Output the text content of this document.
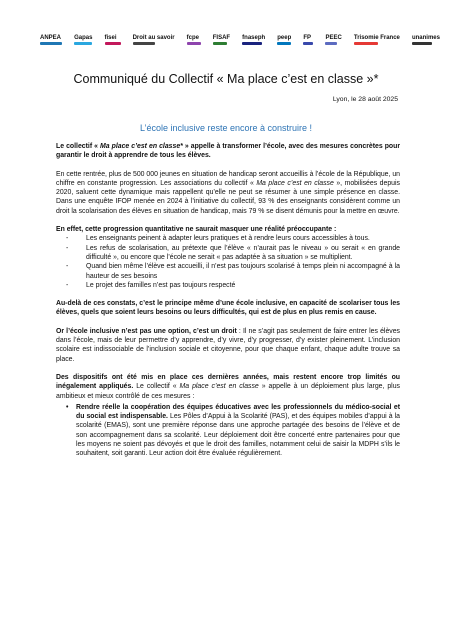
ANPEA Gapas fisei	Droit au savoir fcpe FISAF fnaseph peep FP	PEEC Trisomie France unanimes
Communiqué du Collectif « Ma place c’est en classe »*
Lyon, le 28 août 2025
L’école inclusive reste encore à construire !

Le collectif « Ma place c’est en classe* » appelle à transformer l’école, avec des mesures concrètes pour garantir le droit à apprendre de tous les élèves.

En cette rentrée, plus de 500 000 jeunes en situation de handicap seront accueillis à l’école de la République, un chiffre en constante progression. Les associations du collectif « Ma place c’est en classe », mobilisées depuis 2020, saluent cette dynamique mais rappellent qu’elle ne peut se résumer à une simple présence en classe. Dans une enquête IFOP menée en 2024 à l’initiative du collectif, 93 % des enseignants considèrent comme un droit la scolarisation des élèves en situation de handicap, mais 79 % se disent démunis pour la mettre en œuvre.

En effet, cette progression quantitative ne saurait masquer une réalité préoccupante :

- Les enseignants peinent à adapter leurs pratiques et à rendre leurs cours accessibles à tous.
- Les refus de scolarisation, au prétexte que l’élève « n’aurait pas le niveau » ou serait « en grande difficulté », ou encore que l’école ne serait « pas adaptée à sa situation » se multiplient.
- Quand bien même l’élève est accueilli, il n’est pas toujours scolarisé à temps plein ni accompagné à la hauteur de ses besoins
- Le projet des familles n’est pas toujours respecté

Au-delà de ces constats, c’est le principe même d’une école inclusive, en capacité de scolariser tous les élèves, quels que soient leurs besoins ou leurs difficultés, qui est de plus en plus remis en cause.

Or l’école inclusive n’est pas une option, c’est un droit : Il ne s’agit pas seulement de faire entrer les élèves dans l’école, mais de leur permettre d’y apprendre, d’y vivre, d’y progresser, d’y exister pleinement. L’inclusion scolaire est indissociable de l’inclusion sociale et citoyenne, pour que chaque enfant, chaque adulte trouve sa place.

Des dispositifs ont été mis en place ces dernières années, mais restent encore trop limités ou inégalement appliqués. Le collectif « Ma place c’est en classe » appelle à un déploiement plus large, plus ambitieux et mieux contrôlé de ces mesures :

• Rendre réelle la coopération des équipes éducatives avec les professionnels du médico-social et du social est indispensable. Les Pôles d’Appui à la Scolarité (PAS), et des équipes mobiles d’appui à la scolarité (EMAS), sont une première réponse dans une approche partagée des besoins de l’élève et de son accompagnement dans sa scolarité. Leur déploiement doit être concerté entre partenaires pour que les moyens ne soient pas dévoyés et que le droit des familles, notamment celui de saisir la MDPH s’ils le souhaitent, soit garanti. Leur action doit être évaluée régulièrement.
